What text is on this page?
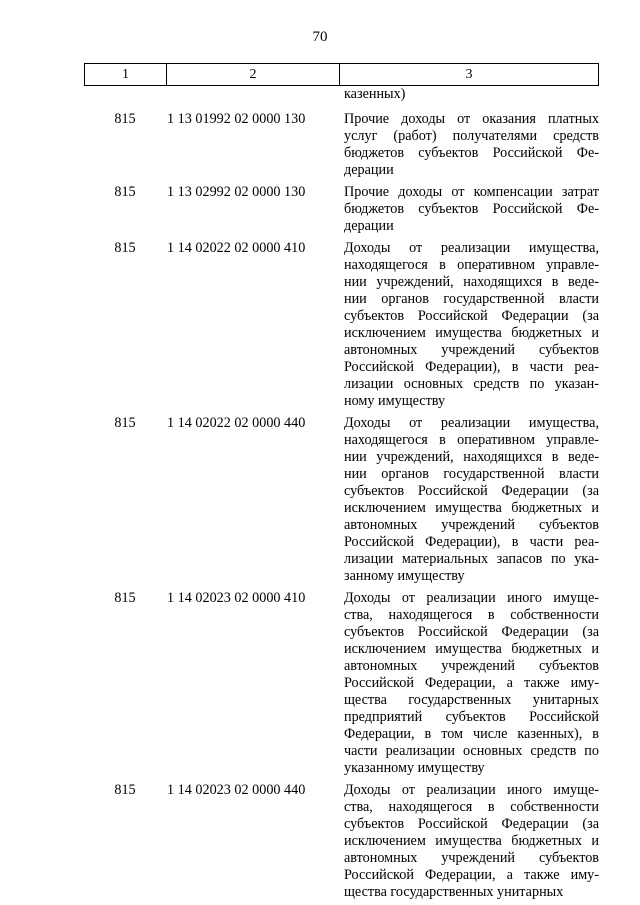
70
1	2	3
казенных)
815	1 13 01992 02 0000 130	Прочие доходы от оказания платных
услуг (работ) получателями средств
бюджетов субъектов Российской Фе-
дерации
815	1 13 02992 02 0000 130	Прочие доходы от компенсации затрат
бюджетов субъектов Российской Фе-
дерации
815	1 14 02022 02 0000 410	Доходы от реализации имущества,
находящегося в оперативном управле-
нии учреждений, находящихся в веде-
нии органов государственной власти
субъектов Российской Федерации (за
исключением имущества бюджетных и
автономных учреждений субъектов
Российской Федерации), в части реа-
лизации основных средств по указан-
ному имуществу
815	1 14 02022 02 0000 440	Доходы от реализации имущества,
находящегося в оперативном управле-
нии учреждений, находящихся в веде-
нии органов государственной власти
субъектов Российской Федерации (за
исключением имущества бюджетных и
автономных учреждений субъектов
Российской Федерации), в части реа-
лизации материальных запасов по ука-
занному имуществу
815	1 14 02023 02 0000 410	Доходы от реализации иного имуще-
ства, находящегося в собственности
субъектов Российской Федерации (за
исключением имущества бюджетных и
автономных учреждений субъектов
Российской Федерации, а также иму-
щества государственных унитарных
предприятий субъектов Российской
Федерации, в том числе казенных), в
части реализации основных средств по
указанному имуществу
815	1 14 02023 02 0000 440	Доходы от реализации иного имуще-
ства, находящегося в собственности
субъектов Российской Федерации (за
исключением имущества бюджетных и
автономных учреждений субъектов
Российской Федерации, а также иму-
щества государственных унитарных
